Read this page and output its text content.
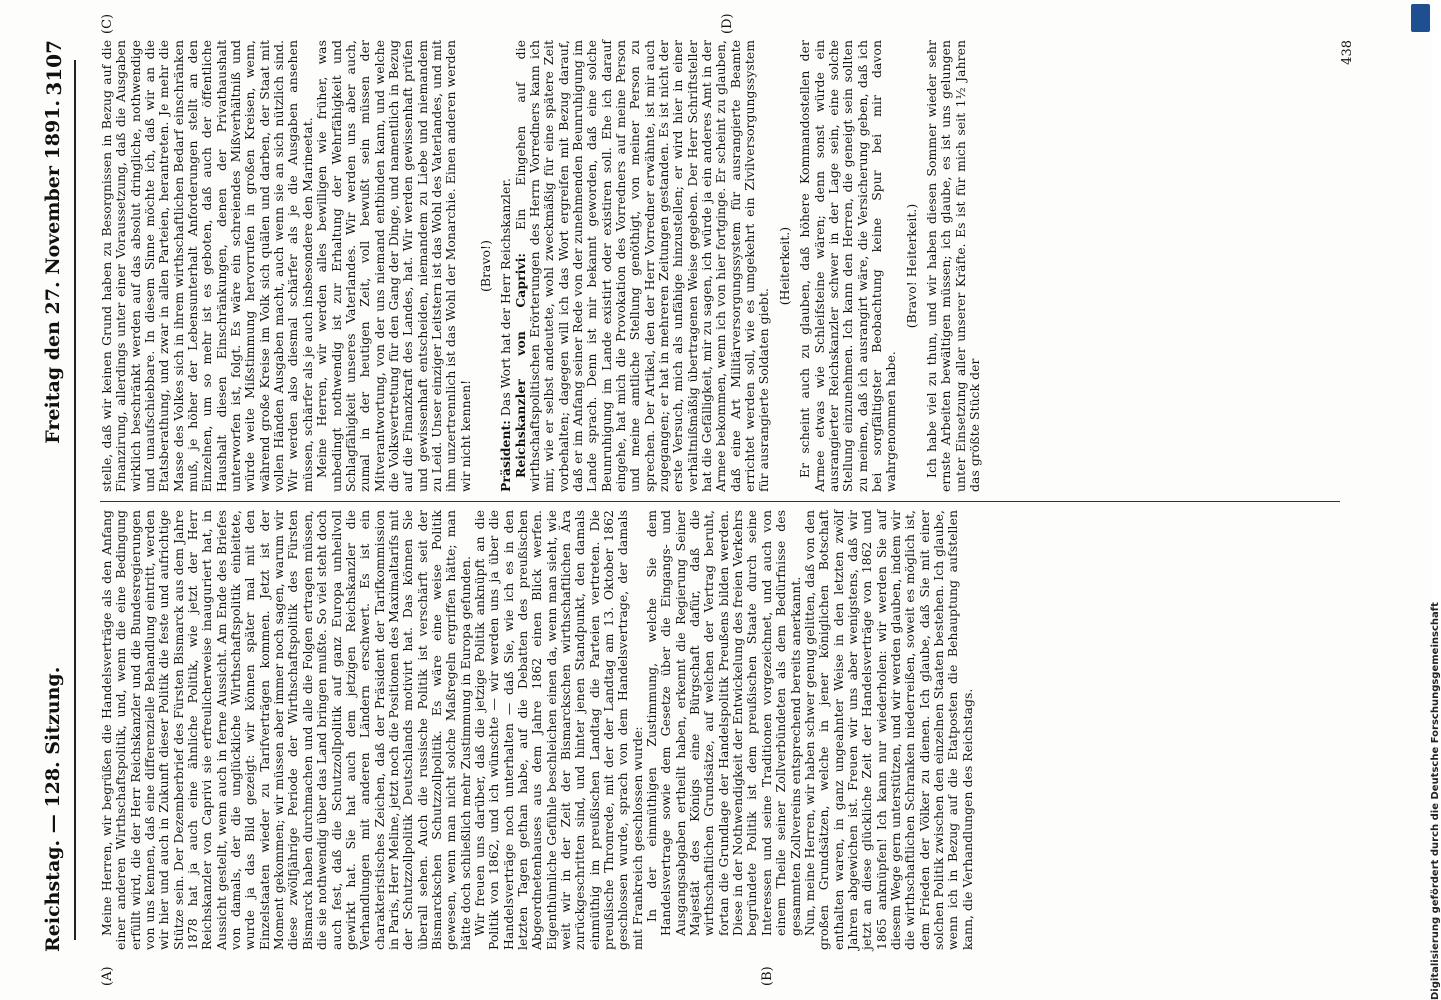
Reichstag. — 128. Sitzung.
Freitag den 27. November 1891.
3107
(A)	(B)
(C)	(D)

Meine Herren, wir begrüßen die Handelsverträge als den Anfang einer anderen Wirthschaftspolitik, und, wenn die eine Bedingung erfüllt wird, die der Herr Reichskanzler und die Bundesregierungen von uns kennen, daß eine differenzielle Behandlung eintritt, werden wir hier und auch in Zukunft dieser Politik die feste und aufrichtige Stütze sein. Der Dezemberbrief des Fürsten Bismarck aus dem Jahre 1878 hat ja auch eine ähnliche Politik, wie jetzt der Herr Reichskanzler von Caprivi sie erfreulicherweise inauguriert hat, in Aussicht gestellt, wenn auch in ferne Aussicht. Am Ende des Briefes von damals, der die unglückliche Wirthschaftspolitik einleitete, wurde ja das Bild gezeigt: wir können später mal mit den Einzelstaaten wieder zu Tarifverträgen kommen. Jetzt ist der Moment gekommen; wir müssen aber immer noch sagen, warum wir diese zwölfjährige Periode der Wirthschaftspolitik des Fürsten Bismarck haben durchmachen und alle die Folgen ertragen müssen, die sie nothwendig über das Land bringen mußte. So viel steht doch auch fest, daß die Schutzzollpolitik auf ganz Europa unheilvoll gewirkt hat. Sie hat auch dem jetzigen Reichskanzler die Verhandlungen mit anderen Ländern erschwert. Es ist ein charakteristisches Zeichen, daß der Präsident der Tarifkommission in Paris, Herr Meline, jetzt noch die Positionen des Maximaltarifs mit der Schutzzollpolitik Deutschlands motivirt hat. Das können Sie überall sehen. Auch die russische Politik ist verschärft seit der Bismarckschen Schutzzollpolitik. Es wäre eine weise Politik gewesen, wenn man nicht solche Maßregeln ergriffen hätte; man hätte doch schließlich mehr Zustimmung in Europa gefunden. Wir freuen uns darüber, daß die jetzige Politik anknüpft an die Politik von 1862, und ich wünschte — wir werden uns ja über die Handelsverträge noch unterhalten — daß Sie, wie ich es in den letzten Tagen gethan habe, auf die Debatten des preußischen Abgeordnetenhauses aus dem Jahre 1862 einen Blick werfen. Eigenthümliche Gefühle beschleichen einen da, wenn man sieht, wie weit wir in der Zeit der Bismarckschen wirthschaftlichen Ära zurückgeschritten sind, und hinter jenen Standpunkt, den damals einmüthig im preußischen Landtag die Parteien vertreten. Die preußische Thronrede, mit der der Landtag am 13. Oktober 1862 geschlossen wurde, sprach von dem Handelsvertrage, der damals mit Frankreich geschlossen wurde: In der einmüthigen Zustimmung, welche Sie dem Handelsvertrage sowie dem Gesetze über die Eingangs- und Ausgangsabgaben ertheilt haben, erkennt die Regierung Seiner Majestät des Königs eine Bürgschaft dafür, daß die wirthschaftlichen Grundsätze, auf welchen der Vertrag beruht, fortan die Grundlage der Handelspolitik Preußens bilden werden. Diese in der Nothwendigkeit der Entwickelung des freien Verkehrs begründete Politik ist dem preußischen Staate durch seine Interessen und seine Traditionen vorgezeichnet, und auch von einem Theile seiner Zollverbündeten als dem Bedürfnisse des gesammten Zollvereins entsprechend bereits anerkannt. Nun, meine Herren, wir haben schwer genug gelitten, daß von den großen Grundsätzen, welche in jener königlichen Botschaft enthalten waren, in ganz ungeahnter Weise in den letzten zwölf Jahren abgewichen ist. Freuen wir uns aber wenigstens, daß wir jetzt an diese glückliche Zeit der Handelsverträge von 1862 und 1865 anknüpfen! Ich kann nur wiederholen: wir werden Sie auf diesem Wege gern unterstützen, und wir werden glauben, indem wir die wirthschaftlichen Schranken niederreißen, soweit es möglich ist, dem Frieden der Völker zu dienen. Ich glaube, daß Sie mit einer solchen Politik zwischen den einzelnen Staaten bestehen. Ich glaube, wenn ich in Bezug auf die Etatposten die Behauptung aufstellen kann, die Verhandlungen des Reichstags.

stelle, daß wir keinen Grund haben zu Besorgnissen in Bezug auf die Finanzirung, allerdings unter einer Voraussetzung, daß die Ausgaben wirklich beschränkt werden auf das absolut dringliche, nothwendige und unaufschiebbare. In diesem Sinne möchte ich, daß wir an die Etatsberathung, und zwar in allen Parteien, herantreten. Je mehr die Masse des Volkes sich in ihrem wirthschaftlichen Bedarf einschränken muß, je höher der Lebensunterhalt Anforderungen stellt an den Einzelnen, um so mehr ist es geboten, daß auch der öffentliche Haushalt diesen Einschränkungen, denen der Privathaushalt unterworfen ist, folgt. Es wäre ein schreiendes Mißverhältniß und würde weite Mißstimmung hervorrufen in großen Kreisen, wenn, während große Kreise im Volk sich quälen und darben, der Staat mit vollen Händen Ausgaben macht, auch wenn sie an sich nützlich sind. Wir werden also diesmal schärfer als je die Ausgaben ansehen müssen, schärfer als je auch insbesondere den Marineetat. Meine Herren, wir werden alles bewilligen wie früher, was unbedingt nothwendig ist zur Erhaltung der Wehrfähigkeit und Schlagfähigkeit unseres Vaterlandes. Wir werden uns aber auch, zumal in der heutigen Zeit, voll bewußt sein müssen der Mitverantwortung, von der uns niemand entbinden kann, und welche die Volksvertretung für den Gang der Dinge, und namentlich in Bezug auf die Finanzkraft des Landes, hat. Wir werden gewissenhaft prüfen und gewissenhaft entscheiden, niemandem zu Liebe und niemandem zu Leid. Unser einziger Leitstern ist das Wohl des Vaterlandes, und mit ihm unzertrennlich ist das Wohl der Monarchie. Einen anderen werden wir nicht kennen!

(Bravo!)

Präsident: Das Wort hat der Herr Reichskanzler. Reichskanzler von Caprivi: Ein Eingehen auf die wirthschaftspolitischen Erörterungen des Herrn Vorredners kann ich mir, wie er selbst andeutete, wohl zweckmäßig für eine spätere Zeit vorbehalten; dagegen will ich das Wort ergreifen mit Bezug darauf, daß er im Anfang seiner Rede von der zunehmenden Beunruhigung im Lande sprach. Denn ist mir bekannt geworden, daß eine solche Beunruhigung im Lande existirt oder existiren soll. Ehe ich darauf eingehe, hat mich die Provokation des Vorredners auf meine Person und meine amtliche Stellung genöthigt, von meiner Person zu sprechen. Der Artikel, den der Herr Vorredner erwähnte, ist mir auch zugegangen; er hat in mehreren Zeitungen gestanden. Es ist nicht der erste Versuch, mich als unfähige hinzustellen; er wird hier in einer verhältnißmäßig übertragenen Weise gegeben. Der Herr Schriftsteller hat die Gefälligkeit, mir zu sagen, ich würde ja ein anderes Amt in der Armee bekommen, wenn ich von hier fortginge. Er scheint zu glauben, daß eine Art Militärversorgungssystem für ausrangierte Beamte errichtet werden soll, wie es umgekehrt ein Zivilversorgungssystem für ausrangierte Soldaten giebt.

(Heiterkeit.) Er scheint auch zu glauben, daß höhere Kommandostellen der Armee etwas wie Schleifsteine wären; denn sonst würde ein ausrangierter Reichskanzler schwer in der Lage sein, eine solche Stellung einzunehmen. Ich kann den Herren, die geneigt sein sollten zu meinen, daß ich ausrangirt wäre, die Versicherung geben, daß ich bei sorgfältigster Beobachtung keine Spur bei mir davon wahrgenommen habe.

(Bravo! Heiterkeit.) Ich habe viel zu thun, und wir haben diesen Sommer wieder sehr ernste Arbeiten bewältigen müssen; ich glaube, es ist uns gelungen unter Einsetzung aller unserer Kräfte. Es ist für mich seit 1½ Jahren das größte Stück der

438
Digitalisierung gefördert durch die Deutsche Forschungsgemeinschaft
